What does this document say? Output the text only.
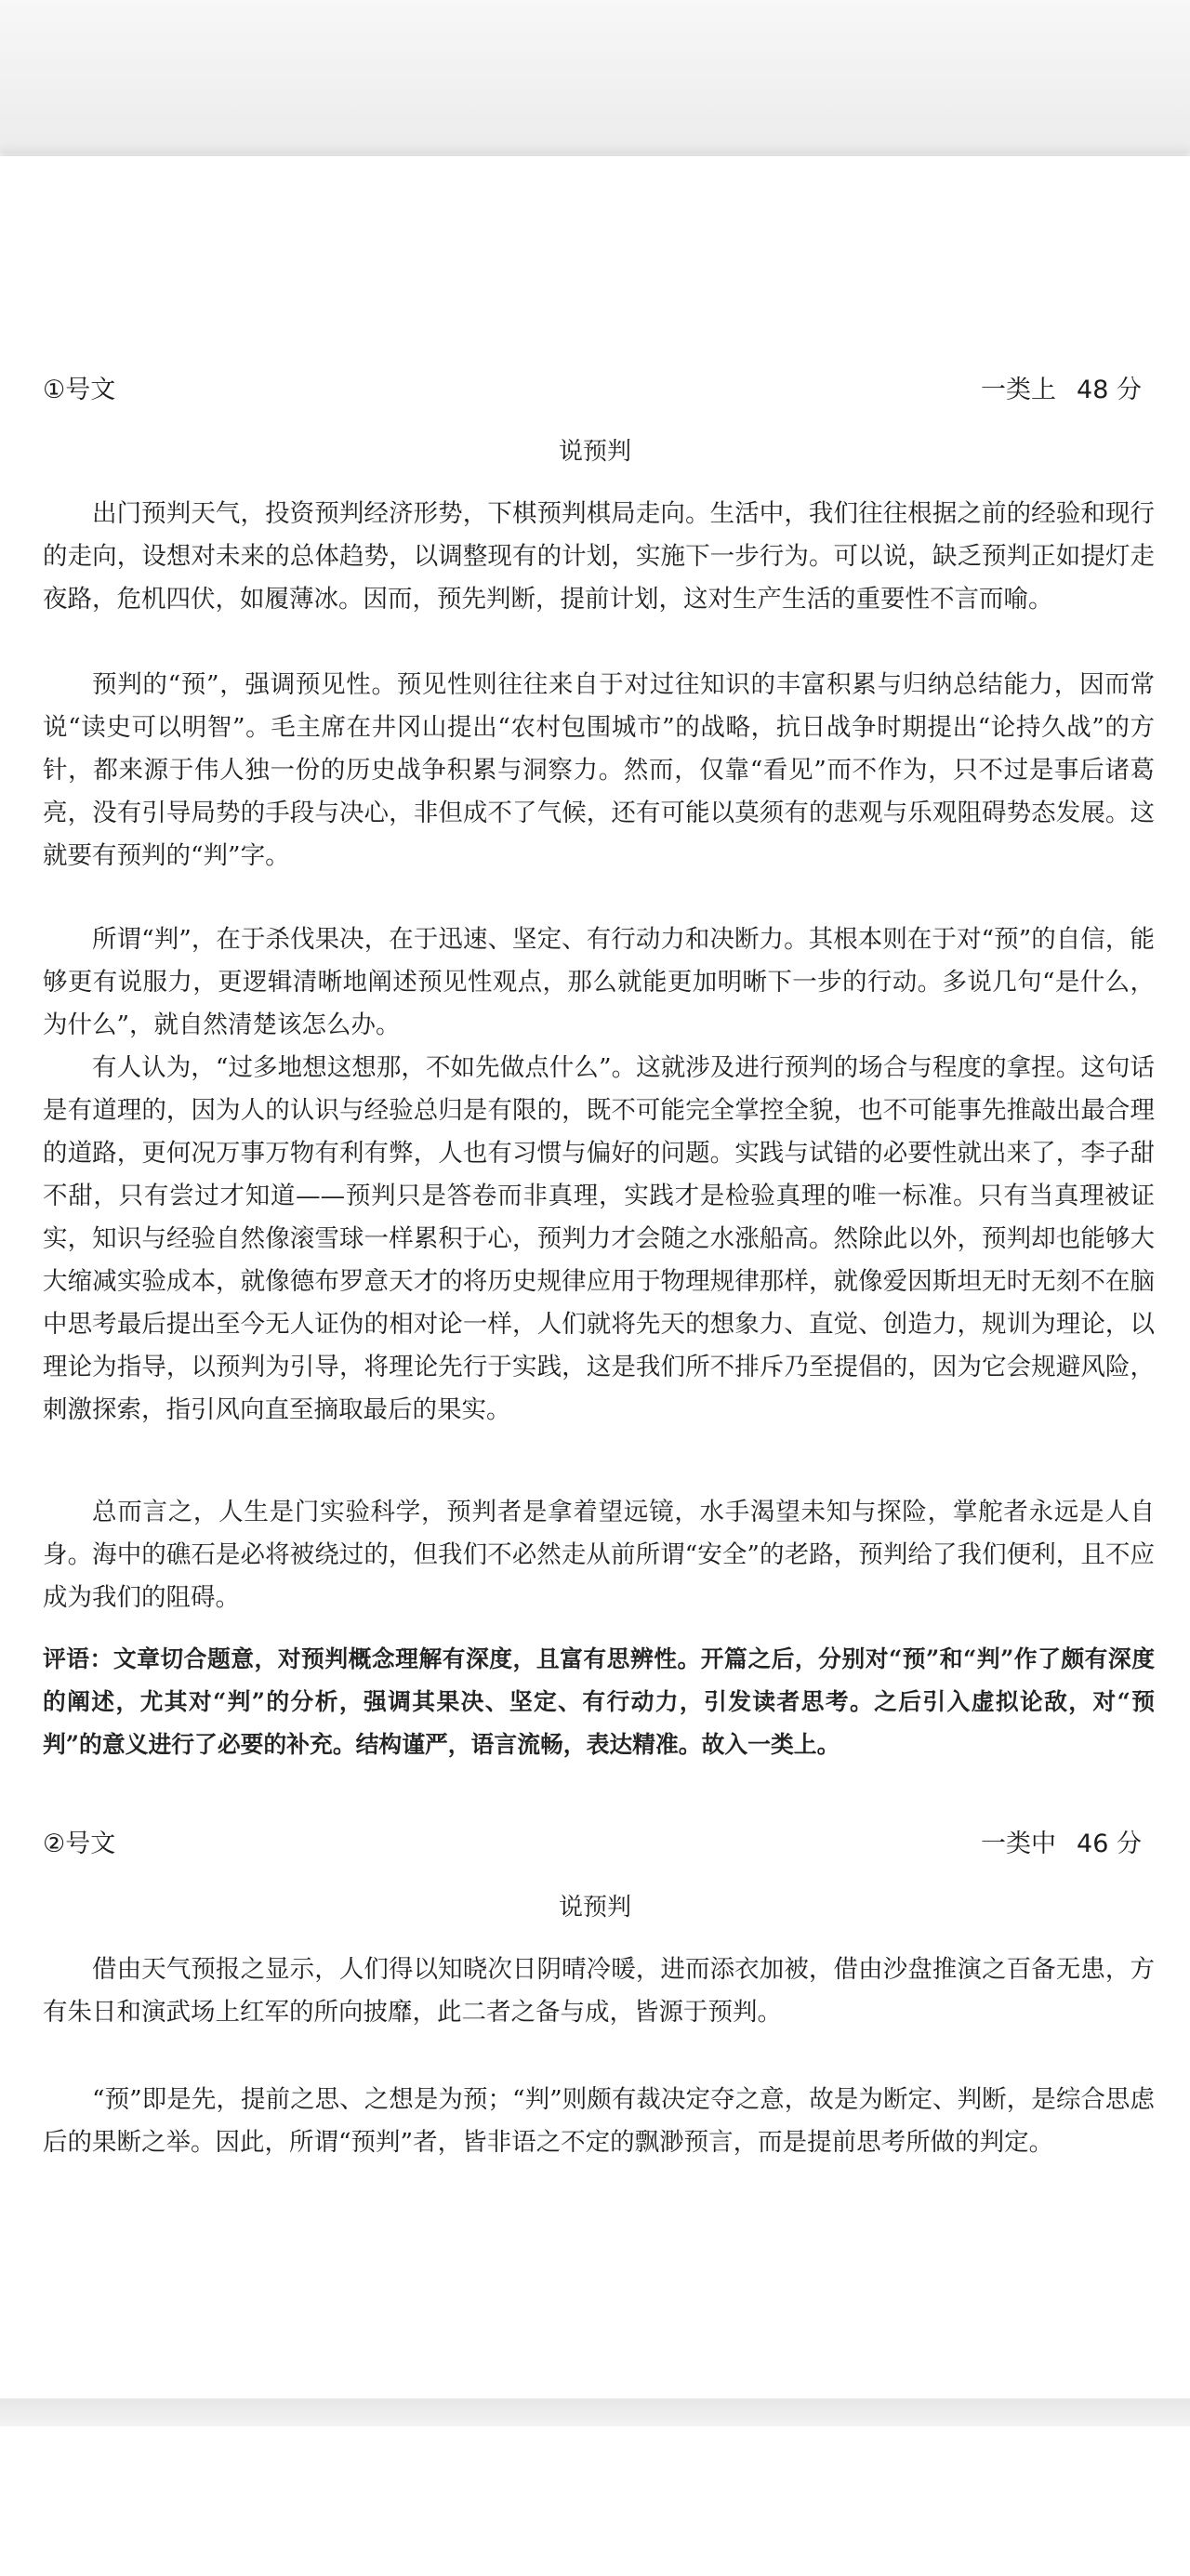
①号文	一类上 48 分
说预判

出门预判天气，投资预判经济形势，下棋预判棋局走向。生活中，我们往往根据之前的经验和现行的走向，设想对未来的总体趋势，以调整现有的计划，实施下一步行为。可以说，缺乏预判正如提灯走夜路，危机四伏，如履薄冰。因而，预先判断，提前计划，这对生产生活的重要性不言而喻。

预判的“预”，强调预见性。预见性则往往来自于对过往知识的丰富积累与归纳总结能力，因而常说“读史可以明智”。毛主席在井冈山提出“农村包围城市”的战略，抗日战争时期提出“论持久战”的方针，都来源于伟人独一份的历史战争积累与洞察力。然而，仅靠“看见”而不作为，只不过是事后诸葛亮，没有引导局势的手段与决心，非但成不了气候，还有可能以莫须有的悲观与乐观阻碍势态发展。这就要有预判的“判”字。

所谓“判”，在于杀伐果决，在于迅速、坚定、有行动力和决断力。其根本则在于对“预”的自信，能够更有说服力，更逻辑清晰地阐述预见性观点，那么就能更加明晰下一步的行动。多说几句“是什么，为什么”，就自然清楚该怎么办。

有人认为，“过多地想这想那，不如先做点什么”。这就涉及进行预判的场合与程度的拿捏。这句话是有道理的，因为人的认识与经验总归是有限的，既不可能完全掌控全貌，也不可能事先推敲出最合理的道路，更何况万事万物有利有弊，人也有习惯与偏好的问题。实践与试错的必要性就出来了，李子甜不甜，只有尝过才知道——预判只是答卷而非真理，实践才是检验真理的唯一标准。只有当真理被证实，知识与经验自然像滚雪球一样累积于心，预判力才会随之水涨船高。然除此以外，预判却也能够大大缩减实验成本，就像德布罗意天才的将历史规律应用于物理规律那样，就像爱因斯坦无时无刻不在脑中思考最后提出至今无人证伪的相对论一样，人们就将先天的想象力、直觉、创造力，规训为理论，以理论为指导，以预判为引导，将理论先行于实践，这是我们所不排斥乃至提倡的，因为它会规避风险，刺激探索，指引风向直至摘取最后的果实。

总而言之，人生是门实验科学，预判者是拿着望远镜，水手渴望未知与探险，掌舵者永远是人自身。海中的礁石是必将被绕过的，但我们不必然走从前所谓“安全”的老路，预判给了我们便利，且不应成为我们的阻碍。

评语：文章切合题意，对预判概念理解有深度，且富有思辨性。开篇之后，分别对“预”和“判”作了颇有深度的阐述，尤其对“判”的分析，强调其果决、坚定、有行动力，引发读者思考。之后引入虚拟论敌，对“预判”的意义进行了必要的补充。结构谨严，语言流畅，表达精准。故入一类上。

②号文	一类中 46 分
说预判

借由天气预报之显示，人们得以知晓次日阴晴冷暖，进而添衣加被，借由沙盘推演之百备无患，方有朱日和演武场上红军的所向披靡，此二者之备与成，皆源于预判。

“预”即是先，提前之思、之想是为预；“判”则颇有裁决定夺之意，故是为断定、判断，是综合思虑后的果断之举。因此，所谓“预判”者，皆非语之不定的飘渺预言，而是提前思考所做的判定。
